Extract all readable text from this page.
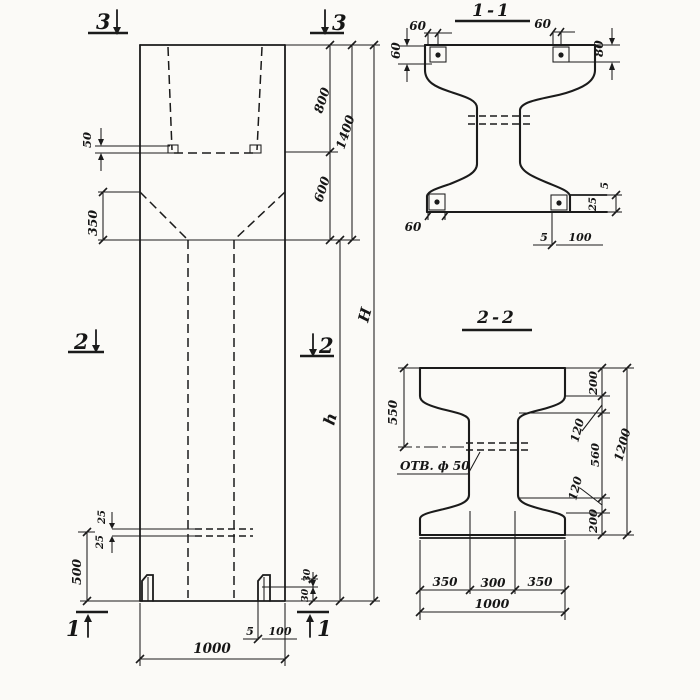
50
350
25
25
500
800
600
1400
h
H
1000
5 100
30
30
3	3
2	2
1	1
1-1
60
60
60
80
60
5
25
5 100
2-2
ОТВ. ф 50
550
200
120
560
120
200
1200
350 300 350
1000
